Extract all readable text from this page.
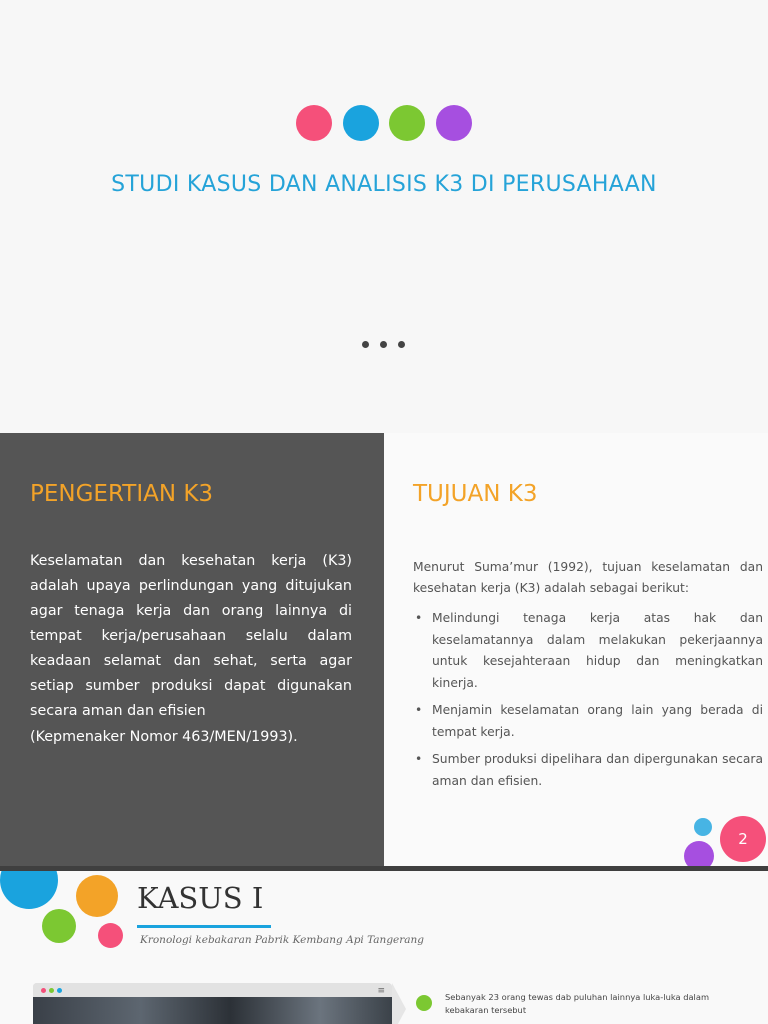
STUDI KASUS DAN ANALISIS K3 DI PERUSAHAAN
PENGERTIAN K3
Keselamatan dan kesehatan kerja (K3) adalah upaya perlindungan yang ditujukan agar tenaga kerja dan orang lainnya di tempat kerja/perusahaan selalu dalam keadaan selamat dan sehat, serta agar setiap sumber produksi dapat digunakan secara aman dan efisien
(Kepmenaker Nomor 463/MEN/1993).
TUJUAN K3
Menurut Suma’mur (1992), tujuan keselamatan dan kesehatan kerja (K3) adalah sebagai berikut:
• Melindungi tenaga kerja atas hak dan keselamatannya dalam melakukan pekerjaannya untuk kesejahteraan hidup dan meningkatkan kinerja.
• Menjamin keselamatan orang lain yang berada di tempat kerja.
• Sumber produksi dipelihara dan dipergunakan secara aman dan efisien.
2
KASUS I
Kronologi kebakaran Pabrik Kembang Api Tangerang
≡
Sebanyak 23 orang tewas dab puluhan lainnya luka-luka dalam kebakaran tersebut
